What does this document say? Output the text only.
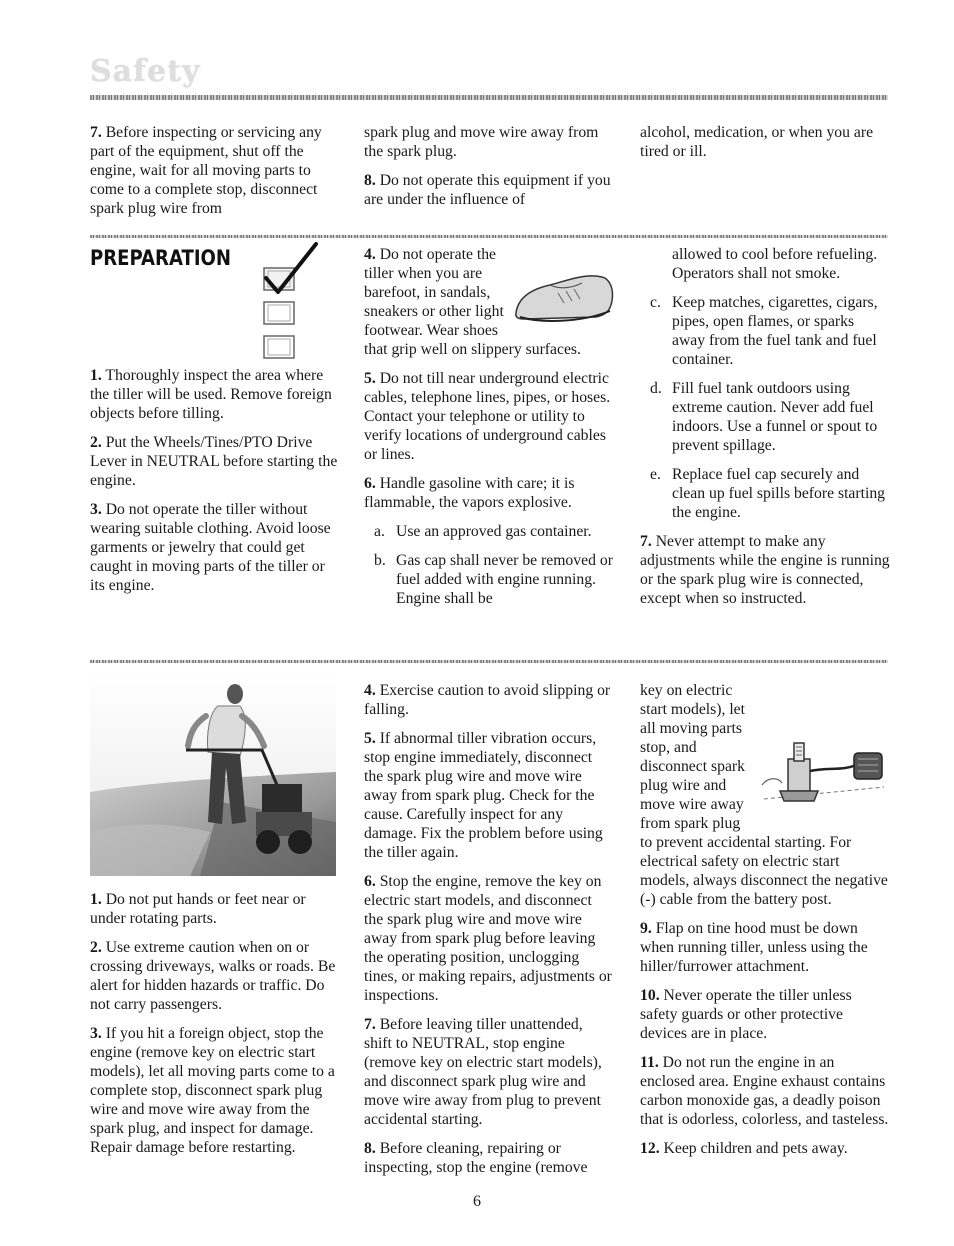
Safety

7. Before inspecting or servicing any part of the equipment, shut off the engine, wait for all moving parts to come to a complete stop, disconnect spark plug wire from

spark plug and move wire away from the spark plug.

8. Do not operate this equipment if you are under the influence of

alcohol, medication, or when you are tired or ill.

PREPARATION

1. Thoroughly inspect the area where the tiller will be used. Remove foreign objects before tilling.

2. Put the Wheels/Tines/PTO Drive Lever in NEUTRAL before starting the engine.

3. Do not operate the tiller without wearing suitable clothing. Avoid loose garments or jewelry that could get caught in moving parts of the tiller or its engine.

4. Do not operate the tiller when you are barefoot, in sandals, sneakers or other light footwear. Wear shoes that grip well on slippery surfaces.

5. Do not till near underground electric cables, telephone lines, pipes, or hoses. Contact your telephone or utility to verify locations of underground cables or lines.

6. Handle gasoline with care; it is flammable, the vapors explosive.

a. Use an approved gas container.

b. Gas cap shall never be removed or fuel added with engine running. Engine shall be

allowed to cool before refueling. Operators shall not smoke.

c. Keep matches, cigarettes, cigars, pipes, open flames, or sparks away from the fuel tank and fuel container.

d. Fill fuel tank outdoors using extreme caution. Never add fuel indoors. Use a funnel or spout to prevent spillage.

e. Replace fuel cap securely and clean up fuel spills before starting the engine.

7. Never attempt to make any adjustments while the engine is running or the spark plug wire is connected, except when so instructed.

1. Do not put hands or feet near or under rotating parts.

2. Use extreme caution when on or crossing driveways, walks or roads. Be alert for hidden hazards or traffic. Do not carry passengers.

3. If you hit a foreign object, stop the engine (remove key on electric start models), let all moving parts come to a complete stop, disconnect spark plug wire and move wire away from the spark plug, and inspect for damage. Repair damage before restarting.

4. Exercise caution to avoid slipping or falling.

5. If abnormal tiller vibration occurs, stop engine immediately, disconnect the spark plug wire and move wire away from spark plug. Check for the cause. Carefully inspect for any damage. Fix the problem before using the tiller again.

6. Stop the engine, remove the key on electric start models, and disconnect the spark plug wire and move wire away from spark plug before leaving the operating position, unclogging tines, or making repairs, adjustments or inspections.

7. Before leaving tiller unattended, shift to NEUTRAL, stop engine (remove key on electric start models), and disconnect spark plug wire and move wire away from plug to prevent accidental starting.

8. Before cleaning, repairing or inspecting, stop the engine (remove

key on electric start models), let all moving parts stop, and disconnect spark plug wire and move wire away from spark plug to prevent accidental starting. For electrical safety on electric start models, always disconnect the negative (-) cable from the battery post.

9. Flap on tine hood must be down when running tiller, unless using the hiller/furrower attachment.

10. Never operate the tiller unless safety guards or other protective devices are in place.

11. Do not run the engine in an enclosed area. Engine exhaust contains carbon monoxide gas, a deadly poison that is odorless, colorless, and tasteless.

12. Keep children and pets away.

6
